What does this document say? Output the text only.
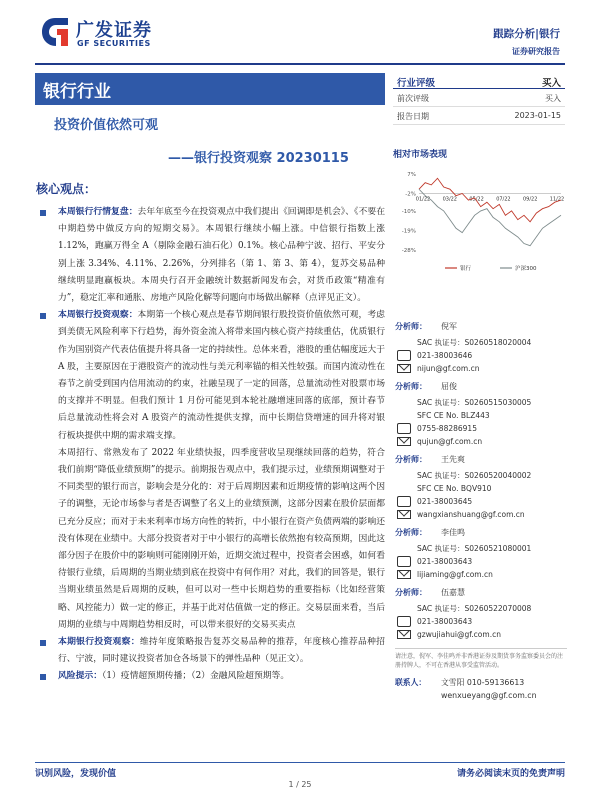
广发证券
GF SECURITIES
跟踪分析|银行
证券研究报告
银行行业
投资价值依然可观
——银行投资观察 20230115
行业评级	买入
前次评级	买入
报告日期	2023-01-15
相对市场表现
7%
-2%
-10%
-19%
-28%
01/22 03/22 05/22 07/22 09/22 11/22
银行	沪深300
核心观点：
本周银行行情复盘：去年年底至今在投资观点中我们提出《回调即是机会》、《不要在中期趋势中做反方向的短期交易》。本周银行继续小幅上涨。中信银行指数上涨 1.12%，跑赢万得全 A（剔除金融石油石化）0.1%。核心品种宁波、招行、平安分别上涨 3.34%、4.11%、2.26%，分列排名（第 1、第 3、第 4），复苏交易品种继续明显跑赢板块。本周央行召开金融统计数据新闻发布会，对货币政策“精准有力”，稳定汇率和通胀、房地产风险化解等问题向市场做出解释（点评见正文）。
本周银行投资观察：本期第一个核心观点是春节期间银行股投资价值依然可观，考虑到美债无风险利率下行趋势，海外资金流入将带来国内核心资产持续重估，优质银行作为国别资产代表估值提升将具备一定的持续性。总体来看，港股的重估幅度远大于 A 股，主要原因在于港股资产的流动性与美元利率锚的相关性较强。而国内流动性在春节之前受到国内信用流动的约束，社融呈现了一定的回落，总量流动性对股票市场的支撑并不明显。但我们预计 1 月份可能见到本轮社融增速回落的底部，预计春节后总量流动性将会对 A 股资产的流动性提供支撑，而中长期信贷增速的回升将对银行板块提供中期的需求端支撑。
本周招行、常熟发布了 2022 年业绩快报，四季度营收呈现继续回落的趋势，符合我们前期“降低业绩预期”的提示。前期报告观点中，我们提示过，业绩预期调整对于不同类型的银行而言，影响会是分化的：对于后周期因素和近期疫情的影响这两个因子的调整，无论市场参与者是否调整了名义上的业绩预测，这部分因素在股价层面都已充分反应；而对于未来利率市场方向性的转折，中小银行在资产负债两端的影响还没有体现在业绩中。大部分投资者对于中小银行的高增长依然抱有较高预期，因此这部分因子在股价中的影响则可能刚刚开始，近期交流过程中，投资者会困惑，如何看待银行业绩，后周期的当期业绩到底在投资中有何作用？对此，我们的回答是，银行当期业绩虽然是后周期的反映，但可以对一些中长期趋势的重要指标（比如经营策略、风控能力）做一定的修正，并基于此对估值做一定的修正。交易层面来看，当后周期的业绩与中周期趋势相反时，可以带来很好的交易买卖点
本期银行投资观察：维持年度策略报告复苏交易品种的推荐，年度核心推荐品种招行、宁波，同时建议投资者加仓各场景下的弹性品种（见正文）。
风险提示：（1）疫情超预期传播；（2）金融风险超预期等。
分析师： 倪军
SAC 执证号：S0260518020004
021-38003646
nijun@gf.com.cn
分析师： 屈俊
SAC 执证号：S0260515030005
SFC CE No. BLZ443
0755-88286915
qujun@gf.com.cn
分析师： 王先爽
SAC 执证号：S0260520040002
SFC CE No. BQV910
021-38003645
wangxianshuang@gf.com.cn
分析师： 李佳鸣
SAC 执证号：S0260521080001
021-38003643
lijiaming@gf.com.cn
分析师： 伍嘉慧
SAC 执证号：S0260522070008
021-38003643
gzwujiahui@gf.com.cn
请注意，倪军、李佳鸣并非香港证券及期货事务监察委员会的注册持牌人，不可在香港从事受监管活动。
联系人： 文雪阳 010-59136613
wenxueyang@gf.com.cn
识别风险，发现价值	请务必阅读末页的免责声明
1 / 25
